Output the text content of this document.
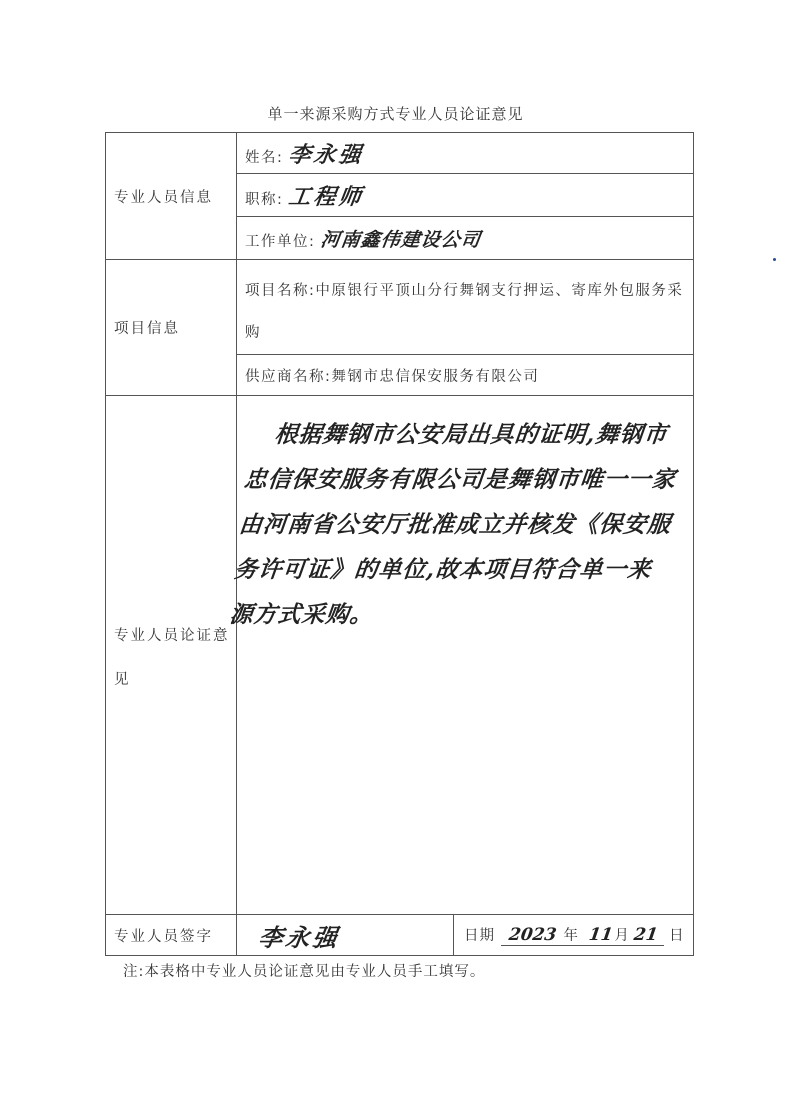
单一来源采购方式专业人员论证意见
专业人员信息	姓名: 李永强	
	职称: 工程师	
	工作单位: 河南鑫伟建设公司	
项目信息	项目名称:中原银行平顶山分行舞钢支行押运、寄库外包服务采购	
	供应商名称:舞钢市忠信保安服务有限公司	
专业人员论证意见	根据舞钢市公安局出具的证明,舞钢市忠信保安服务有限公司是舞钢市唯一一家由河南省公安厅批准成立并核发《保安服务许可证》的单位,故本项目符合单一来源方式采购。	

专业人员签字	李永强	日期 2023 年 11月 21 日
注:本表格中专业人员论证意见由专业人员手工填写。
